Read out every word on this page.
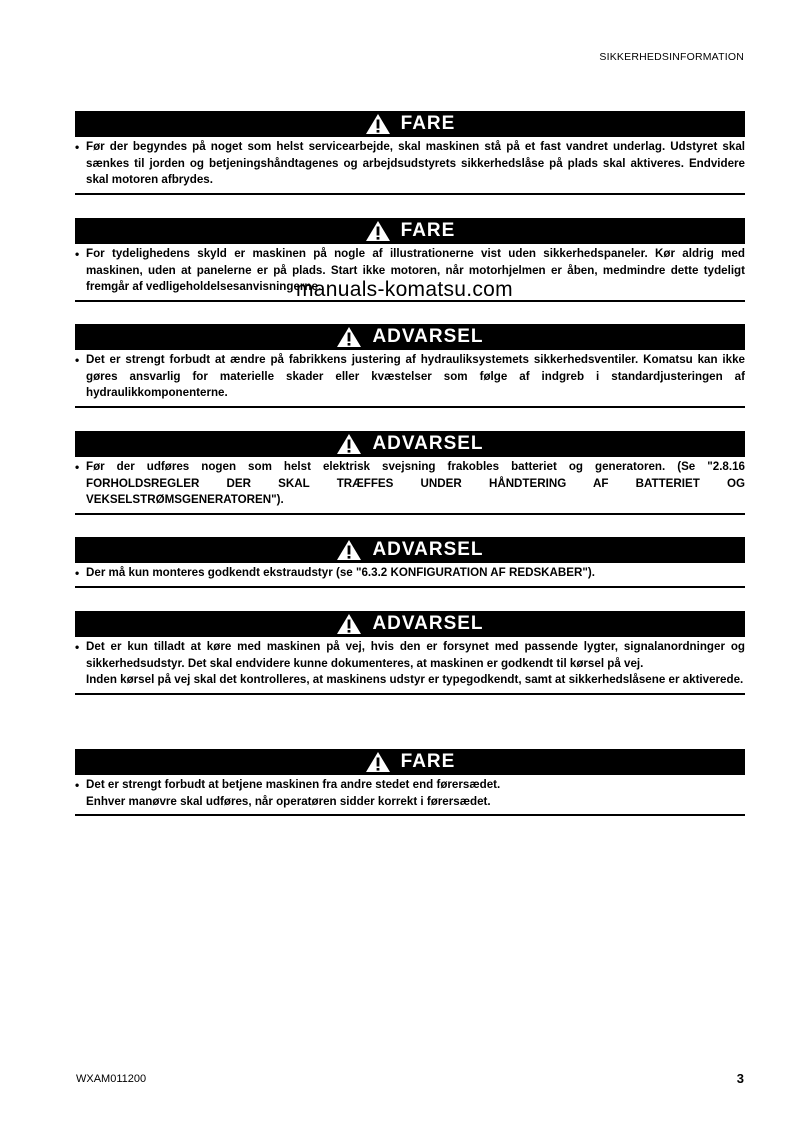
SIKKERHEDSINFORMATION
FARE
• Før der begyndes på noget som helst servicearbejde, skal maskinen stå på et fast vandret underlag. Udstyret skal sænkes til jorden og betjeningshåndtagenes og arbejdsudstyrets sikkerhedslåse på plads skal aktiveres. Endvidere skal motoren afbrydes.
FARE
• For tydelighedens skyld er maskinen på nogle af illustrationerne vist uden sikkerhedspaneler. Kør aldrig med maskinen, uden at panelerne er på plads. Start ikke motoren, når motorhjelmen er åben, medmindre dette tydeligt fremgår af vedligeholdelsesanvisningerne.
ADVARSEL
• Det er strengt forbudt at ændre på fabrikkens justering af hydrauliksystemets sikkerhedsventiler. Komatsu kan ikke gøres ansvarlig for materielle skader eller kvæstelser som følge af indgreb i standardjusteringen af hydraulikkomponenterne.
ADVARSEL
• Før der udføres nogen som helst elektrisk svejsning frakobles batteriet og generatoren. (Se "2.8.16 FORHOLDSREGLER DER SKAL TRÆFFES UNDER HÅNDTERING AF BATTERIET OG VEKSELSTRØMSGENERATOREN").
ADVARSEL
• Der må kun monteres godkendt ekstraudstyr (se "6.3.2 KONFIGURATION AF REDSKABER").
ADVARSEL
• Det er kun tilladt at køre med maskinen på vej, hvis den er forsynet med passende lygter, signalanordninger og sikkerhedsudstyr. Det skal endvidere kunne dokumenteres, at maskinen er godkendt til kørsel på vej.
Inden kørsel på vej skal det kontrolleres, at maskinens udstyr er typegodkendt, samt at sikkerhedslåsene er aktiverede.
FARE
• Det er strengt forbudt at betjene maskinen fra andre stedet end førersædet.
Enhver manøvre skal udføres, når operatøren sidder korrekt i førersædet.
manuals-komatsu.com
WXAM011200	3
